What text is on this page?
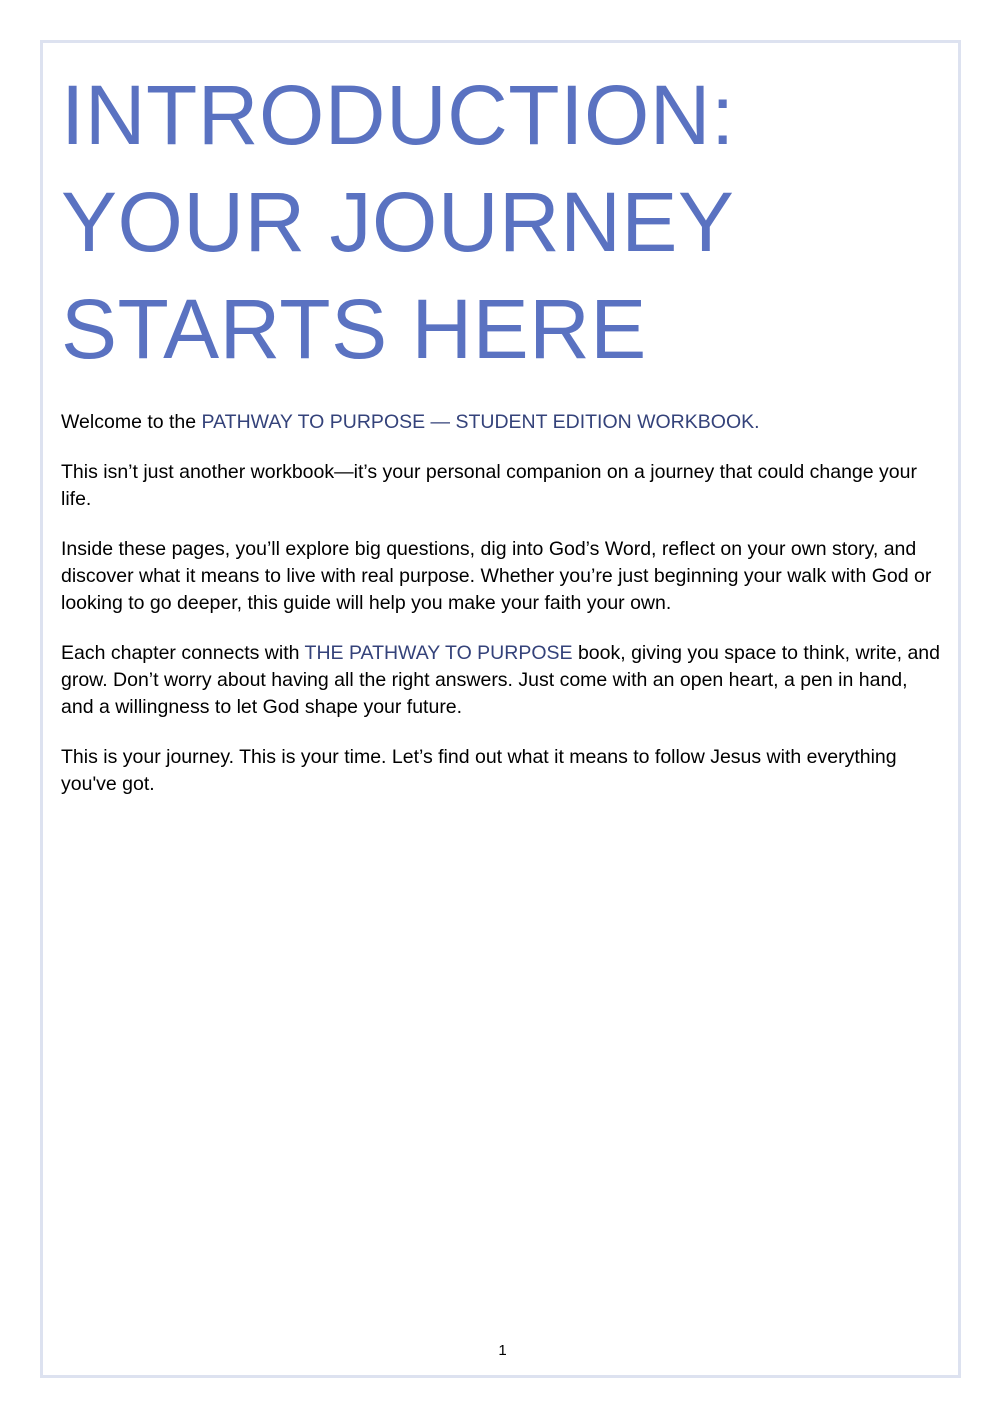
INTRODUCTION:
YOUR JOURNEY
STARTS HERE

Welcome to the PATHWAY TO PURPOSE — STUDENT EDITION WORKBOOK.

This isn’t just another workbook—it’s your personal companion on a journey that could change your life.

Inside these pages, you’ll explore big questions, dig into God’s Word, reflect on your own story, and discover what it means to live with real purpose. Whether you’re just beginning your walk with God or looking to go deeper, this guide will help you make your faith your own.

Each chapter connects with THE PATHWAY TO PURPOSE book, giving you space to think, write, and grow. Don’t worry about having all the right answers. Just come with an open heart, a pen in hand, and a willingness to let God shape your future.

This is your journey. This is your time. Let’s find out what it means to follow Jesus with everything you've got.

1
